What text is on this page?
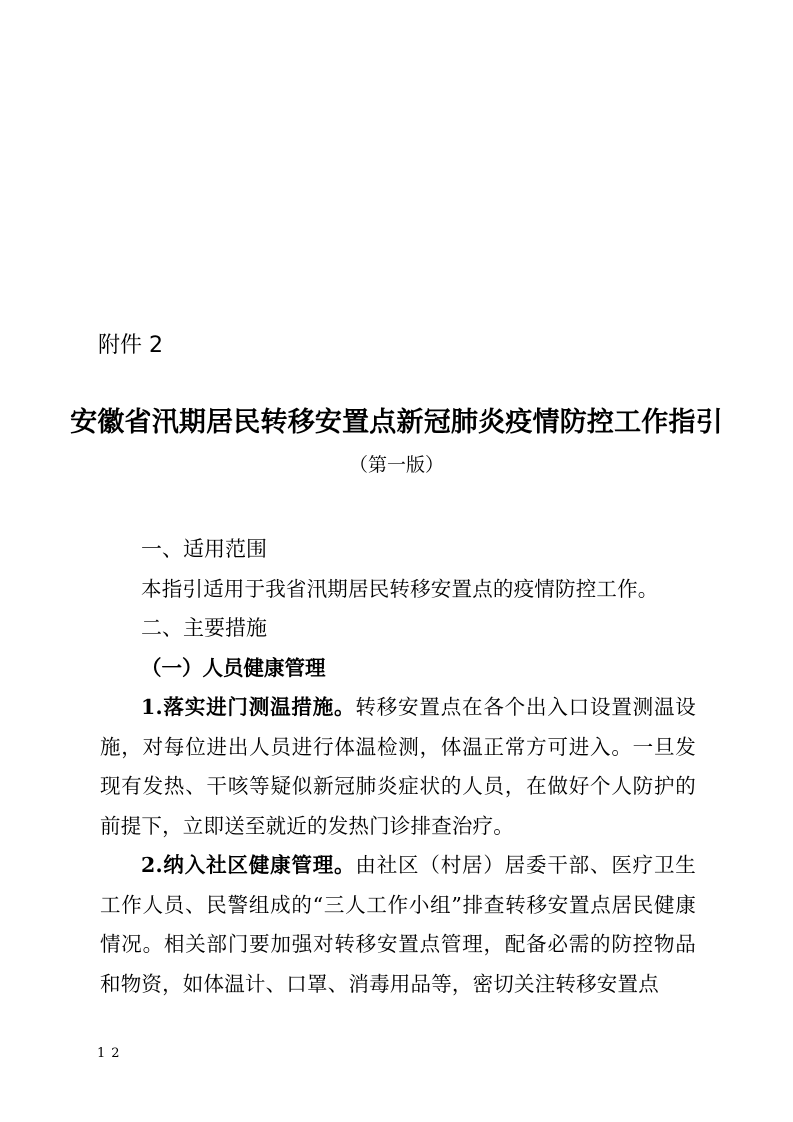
附件 2

安徽省汛期居民转移安置点新冠肺炎疫情防控工作指引

（第一版）

一、适用范围

本指引适用于我省汛期居民转移安置点的疫情防控工作。

二、主要措施

（一）人员健康管理

1.落实进门测温措施。转移安置点在各个出入口设置测温设施，对每位进出人员进行体温检测，体温正常方可进入。一旦发现有发热、干咳等疑似新冠肺炎症状的人员，在做好个人防护的前提下，立即送至就近的发热门诊排查治疗。

2.纳入社区健康管理。由社区（村居）居委干部、医疗卫生工作人员、民警组成的“三人工作小组”排查转移安置点居民健康情况。相关部门要加强对转移安置点管理，配备必需的防控物品和物资，如体温计、口罩、消毒用品等，密切关注转移安置点

12
